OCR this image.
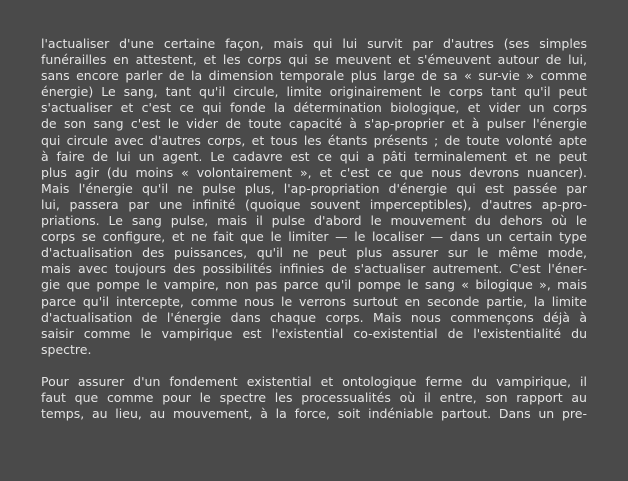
l'actualiser d'une certaine façon, mais qui lui survit par d'autres (ses simples
funérailles en attestent, et les corps qui se meuvent et s'émeuvent autour de lui,
sans encore parler de la dimension temporale plus large de sa « sur-vie » comme
énergie) Le sang, tant qu'il circule, limite originairement le corps tant qu'il peut
s'actualiser et c'est ce qui fonde la détermination biologique, et vider un corps
de son sang c'est le vider de toute capacité à s'ap-proprier et à pulser l'énergie
qui circule avec d'autres corps, et tous les étants présents ; de toute volonté apte
à faire de lui un agent. Le cadavre est ce qui a pâti terminalement et ne peut
plus agir (du moins « volontairement », et c'est ce que nous devrons nuancer).
Mais l'énergie qu'il ne pulse plus, l'ap-propriation d'énergie qui est passée par
lui, passera par une infinité (quoique souvent imperceptibles), d'autres ap-pro-
priations. Le sang pulse, mais il pulse d'abord le mouvement du dehors où le
corps se configure, et ne fait que le limiter — le localiser — dans un certain type
d'actualisation des puissances, qu'il ne peut plus assurer sur le même mode,
mais avec toujours des possibilités infinies de s'actualiser autrement. C'est l'éner-
gie que pompe le vampire, non pas parce qu'il pompe le sang « bilogique », mais
parce qu'il intercepte, comme nous le verrons surtout en seconde partie, la limite
d'actualisation de l'énergie dans chaque corps. Mais nous commençons déjà à
saisir comme le vampirique est l'existential co-existential de l'existentialité du
spectre.
Pour assurer d'un fondement existential et ontologique ferme du vampirique, il
faut que comme pour le spectre les processualités où il entre, son rapport au
temps, au lieu, au mouvement, à la force, soit indéniable partout. Dans un pre-
